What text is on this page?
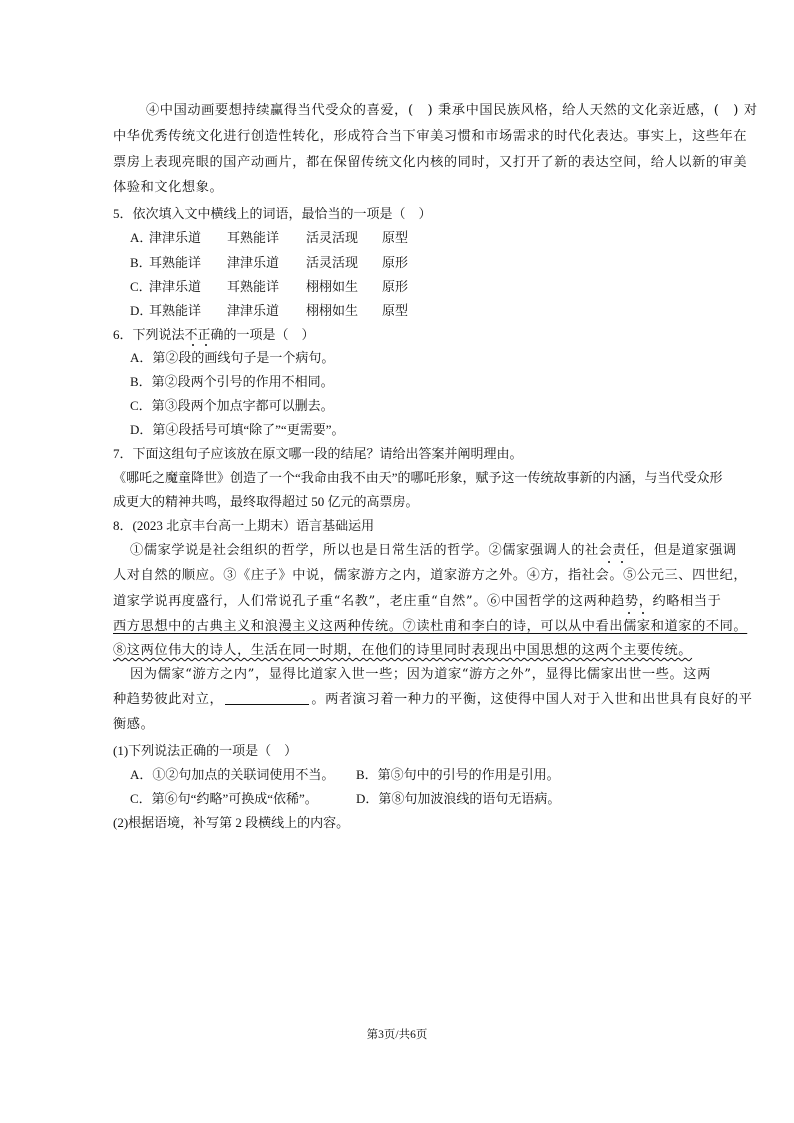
④中国动画要想持续赢得当代受众的喜爱，(　) 秉承中国民族风格，给人天然的文化亲近感，(　) 对
中华优秀传统文化进行创造性转化，形成符合当下审美习惯和市场需求的时代化表达。事实上，这些年在
票房上表现亮眼的国产动画片，都在保留传统文化内核的同时，又打开了新的表达空间，给人以新的审美
体验和文化想象。
5．依次填入文中横线上的词语，最恰当的一项是（　）
A．
津津乐道 耳熟能详 活灵活现 原型
B．
耳熟能详 津津乐道 活灵活现 原形
C．
津津乐道 耳熟能详 栩栩如生 原形
D．
耳熟能详 津津乐道 栩栩如生 原型
6．下列说法不正确的一项是（　）
A．第②段的画线句子是一个病句。
B．第②段两个引号的作用不相同。
C．第③段两个加点字都可以删去。
D．第④段括号可填“除了”“更需要”。
7．下面这组句子应该放在原文哪一段的结尾？请给出答案并阐明理由。
《哪吒之魔童降世》创造了一个“我命由我不由天”的哪吒形象，赋予这一传统故事新的内涵，与当代受众形
成更大的精神共鸣，最终取得超过 50 亿元的高票房。
8．(2023 北京丰台高一上期末）语言基础运用
①儒家学说是社会组织的哲学，所以也是日常生活的哲学。②儒家强调人的社会责任，但是道家强调
人对自然的顺应。③《庄子》中说，儒家游方之内，道家游方之外。④方，指社会。⑤公元三、四世纪，
道家学说再度盛行，人们常说孔子重“名教”，老庄重“自然”。⑥中国哲学的这两种趋势，约略相当于
西方思想中的古典主义和浪漫主义这两种传统。⑦读杜甫和李白的诗，可以从中看出儒家和道家的不同。
⑧这两位伟大的诗人，生活在同一时期，在他们的诗里同时表现出中国思想的这两个主要传统。
因为儒家“游方之内”，显得比道家入世一些；因为道家“游方之外”，显得比儒家出世一些。这两
种趋势彼此对立，	。两者演习着一种力的平衡，这使得中国人对于入世和出世具有良好的平
衡感。
(1)下列说法正确的一项是（　）
A．①②句加点的关联词使用不当。 B．第⑤句中的引号的作用是引用。
C．第⑥句“约略”可换成“依稀”。	D．第⑧句加波浪线的语句无语病。
(2)根据语境，补写第 2 段横线上的内容。
第3页/共6页
